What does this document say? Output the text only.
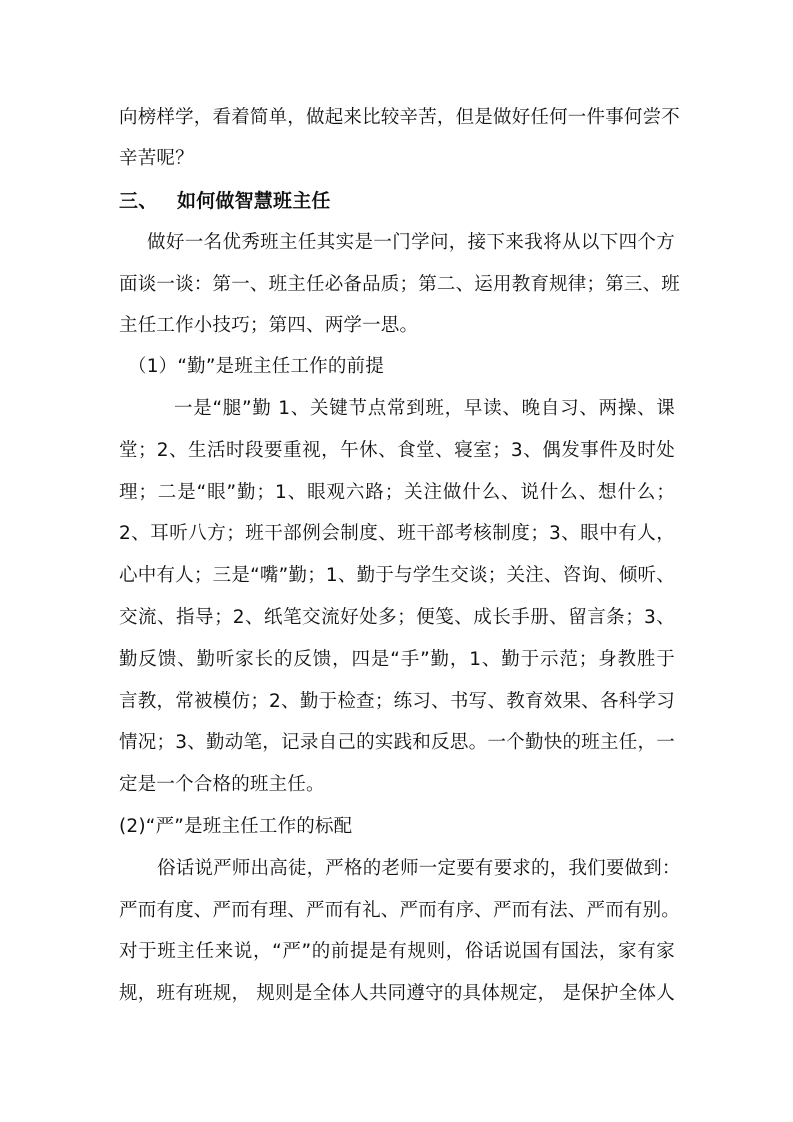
向榜样学，看着简单，做起来比较辛苦，但是做好任何一件事何尝不
辛苦呢？
三、 如何做智慧班主任
做好一名优秀班主任其实是一门学问，接下来我将从以下四个方
面谈一谈：第一、班主任必备品质；第二、运用教育规律；第三、班
主任工作小技巧；第四、两学一思。
（1）“勤”是班主任工作的前提
一是“腿”勤 1、关键节点常到班，早读、晚自习、两操、课
堂；2、生活时段要重视，午休、食堂、寝室；3、偶发事件及时处
理；二是“眼”勤；1、眼观六路；关注做什么、说什么、想什么；
2、耳听八方；班干部例会制度、班干部考核制度；3、眼中有人，
心中有人；三是“嘴”勤；1、勤于与学生交谈；关注、咨询、倾听、
交流、指导；2、纸笔交流好处多；便笺、成长手册、留言条；3、
勤反馈、勤听家长的反馈，四是“手”勤，1、勤于示范；身教胜于
言教，常被模仿；2、勤于检查；练习、书写、教育效果、各科学习
情况；3、勤动笔，记录自己的实践和反思。一个勤快的班主任，一
定是一个合格的班主任。
(2)“严”是班主任工作的标配
俗话说严师出高徒，严格的老师一定要有要求的，我们要做到：
严而有度、严而有理、严而有礼、严而有序、严而有法、严而有别。
对于班主任来说，“严”的前提是有规则，俗话说国有国法，家有家
规，班有班规， 规则是全体人共同遵守的具体规定， 是保护全体人
